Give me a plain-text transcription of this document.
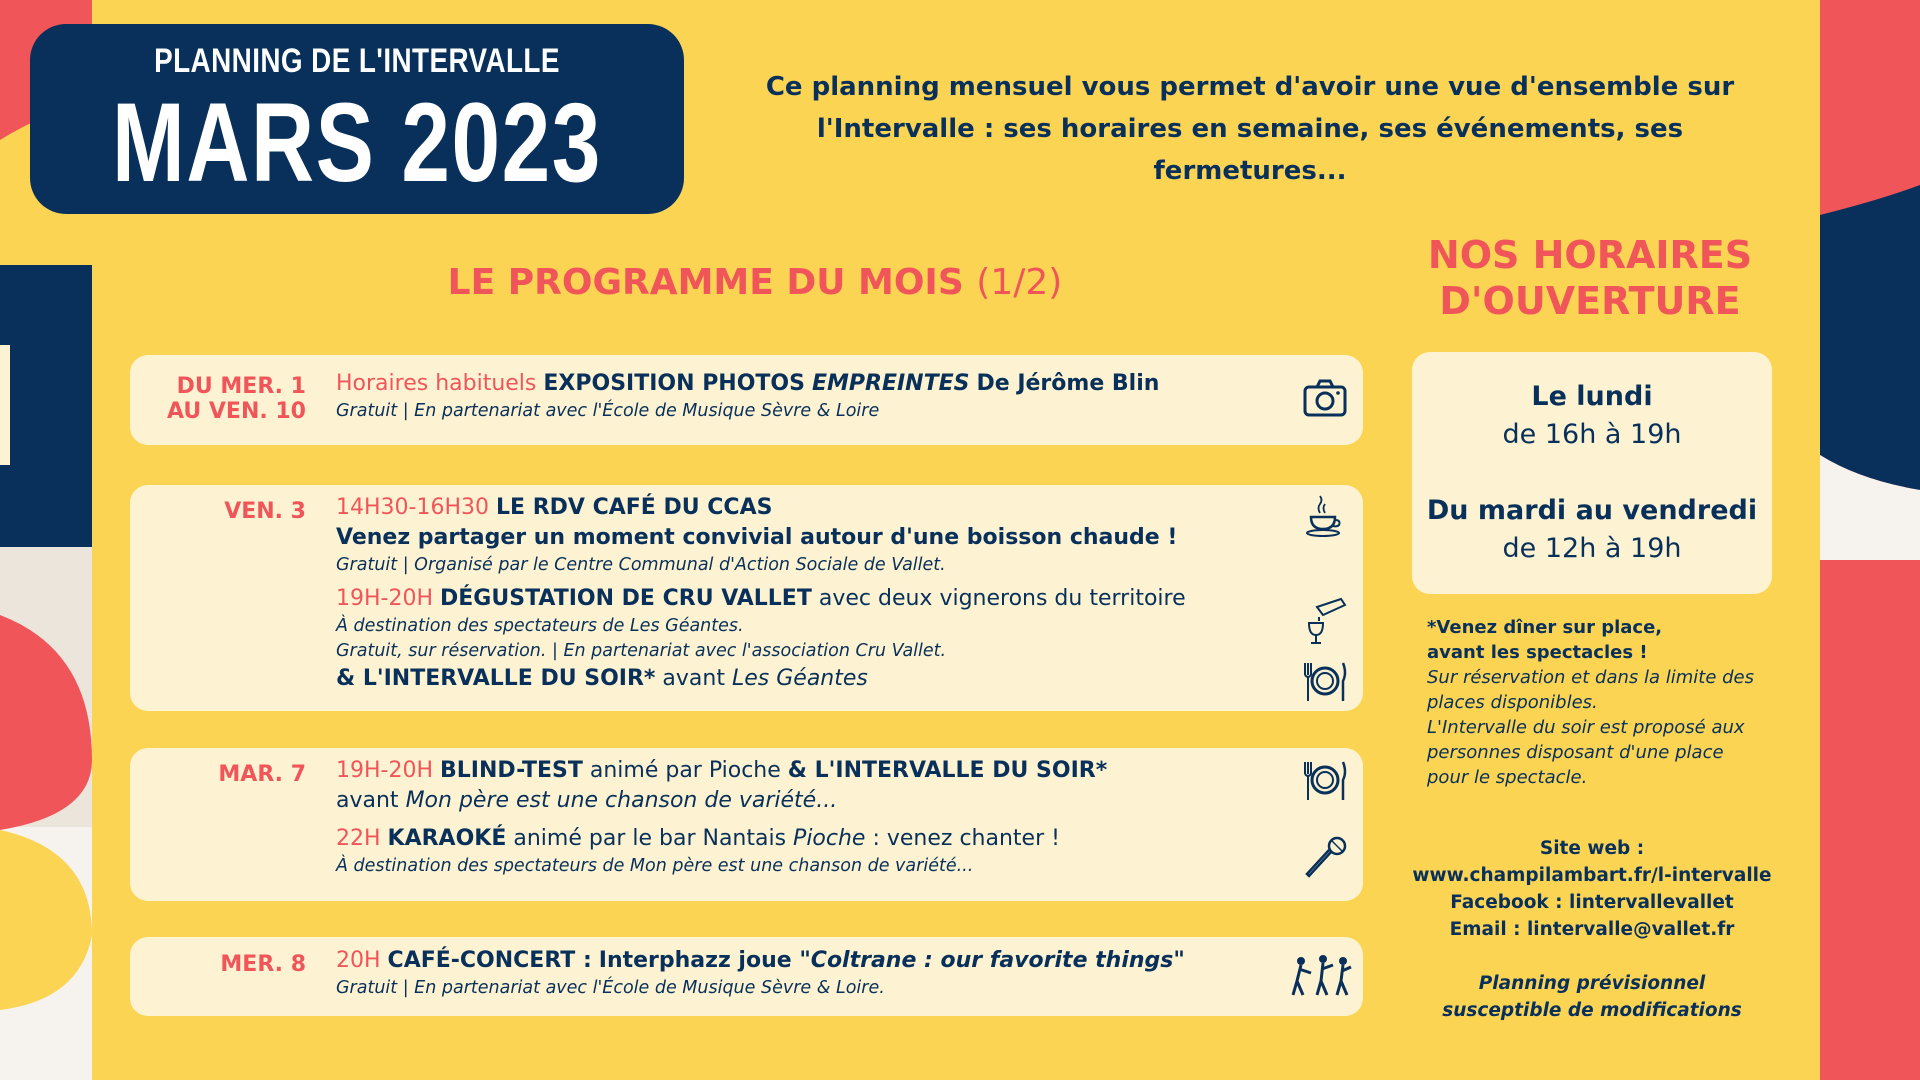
PLANNING DE L'INTERVALLE
MARS 2023	Ce planning mensuel vous permet d'avoir une vue d'ensemble sur l'Intervalle : ses horaires en semaine, ses événements, ses fermetures...
LE PROGRAMME DU MOIS (1/2)
NOS HORAIRES
D'OUVERTURE
DU MER. 1
AU VEN. 10
Horaires habituels EXPOSITION PHOTOS EMPREINTES De Jérôme Blin
Gratuit | En partenariat avec l'École de Musique Sèvre & Loire
VEN. 3 14H30-16H30 LE RDV CAFÉ DU CCAS
Venez partager un moment convivial autour d'une boisson chaude !
Gratuit | Organisé par le Centre Communal d'Action Sociale de Vallet.
19H-20H DÉGUSTATION DE CRU VALLET avec deux vignerons du territoire
À destination des spectateurs de Les Géantes.
Gratuit, sur réservation. | En partenariat avec l'association Cru Vallet.
& L'INTERVALLE DU SOIR* avant Les Géantes
MAR. 7 19H-20H BLIND-TEST animé par Pioche & L'INTERVALLE DU SOIR*
avant Mon père est une chanson de variété...
22H KARAOKÉ animé par le bar Nantais Pioche : venez chanter !
À destination des spectateurs de Mon père est une chanson de variété...
MER. 8 20H CAFÉ-CONCERT : Interphazz joue "Coltrane : our favorite things"
Gratuit | En partenariat avec l'École de Musique Sèvre & Loire.
Le lundi
de 16h à 19h
Du mardi au vendredi
de 12h à 19h
*Venez dîner sur place,
avant les spectacles !
Sur réservation et dans la limite des
places disponibles.
L'Intervalle du soir est proposé aux
personnes disposant d'une place
pour le spectacle.
Site web :
www.champilambart.fr/l-intervalle
Facebook : lintervallevallet
Email : lintervalle@vallet.fr
Planning prévisionnel
susceptible de modifications
